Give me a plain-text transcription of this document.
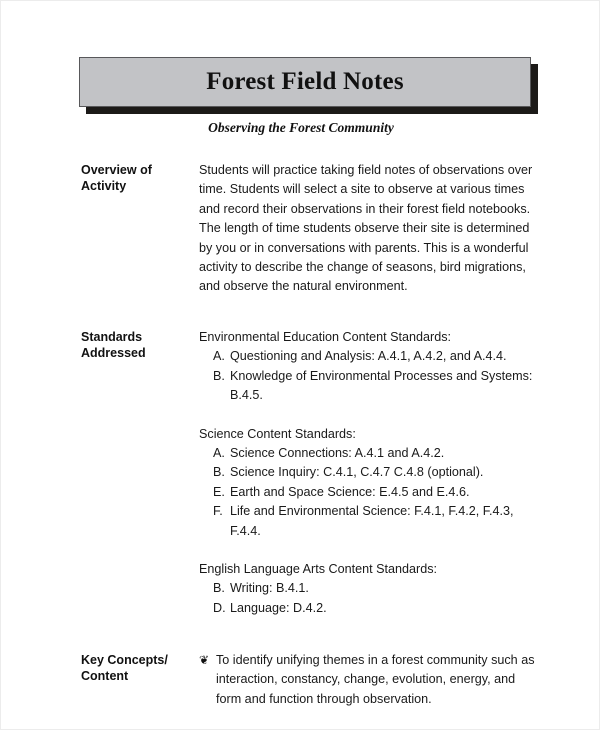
Forest Field Notes
Observing the Forest Community
Overview of
Activity

Students will practice taking field notes of observations over time. Students will select a site to observe at various times and record their observations in their forest field notebooks. The length of time students observe their site is determined by you or in conversations with parents. This is a wonderful activity to describe the change of seasons, bird migrations, and observe the natural environment.

Standards
Addressed

Environmental Education Content Standards:

A. Questioning and Analysis: A.4.1, A.4.2, and A.4.4.
B. Knowledge of Environmental Processes and Systems: B.4.5.

Science Content Standards:

A. Science Connections: A.4.1 and A.4.2.
B. Science Inquiry: C.4.1, C.4.7 C.4.8 (optional).
E. Earth and Space Science: E.4.5 and E.4.6.
F. Life and Environmental Science: F.4.1, F.4.2, F.4.3, F.4.4.

English Language Arts Content Standards:

B. Writing: B.4.1.
D. Language: D.4.2.
Key Concepts/
Content
❦ To identify unifying themes in a forest community such as interaction, constancy, change, evolution, energy, and form and function through observation.
